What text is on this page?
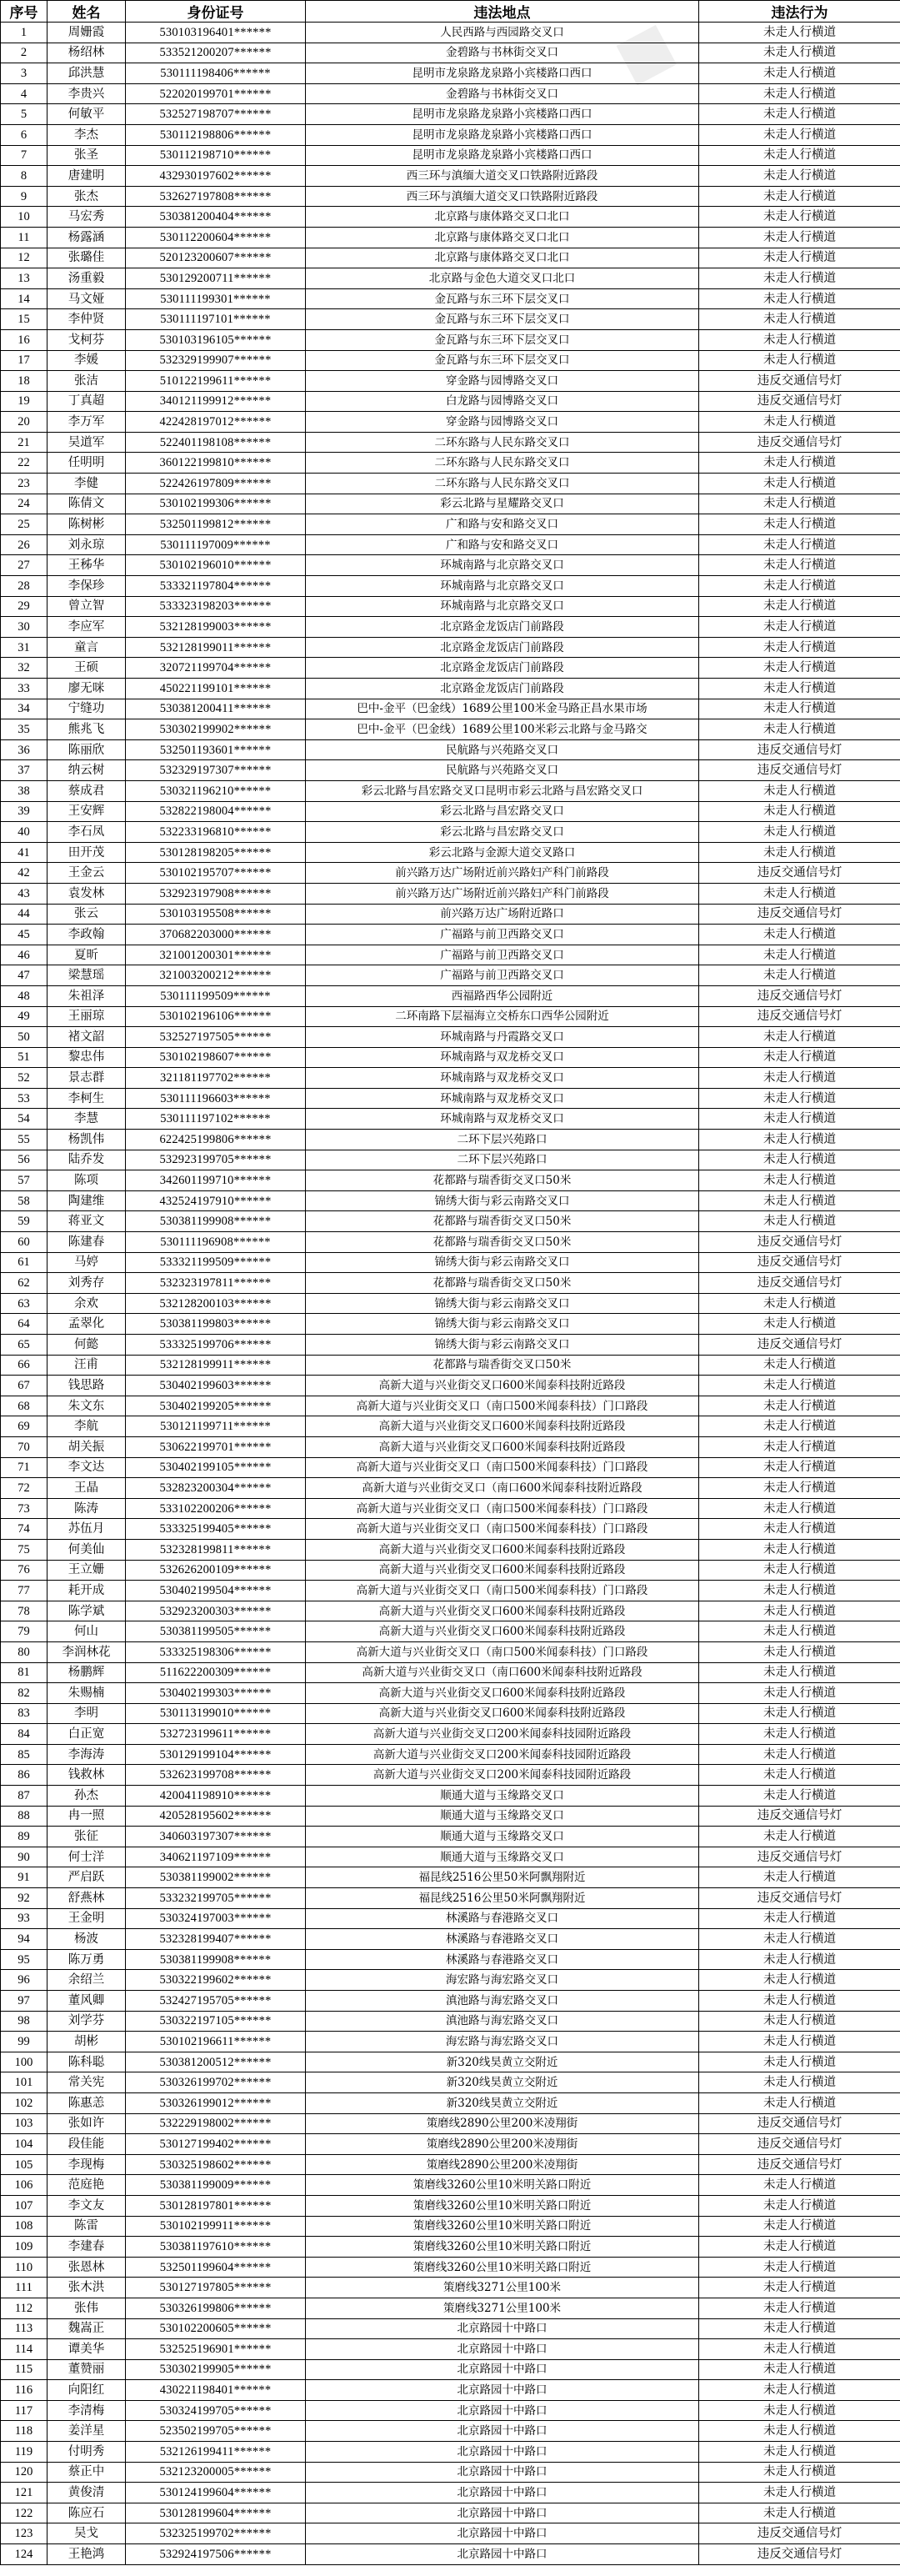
■
序号	姓名	身份证号	违法地点	违法行为
1	周姗霞	530103196401******	人民西路与西园路交叉口	未走人行横道
2	杨绍林	533521200207******	金碧路与书林街交叉口	未走人行横道
3	邱洪慧	530111198406******	昆明市龙泉路龙泉路小宾楼路口西口	未走人行横道
4	李贵兴	522020199701******	金碧路与书林街交叉口	未走人行横道
5	何敏平	532527198707******	昆明市龙泉路龙泉路小宾楼路口西口	未走人行横道
6	李杰	530112198806******	昆明市龙泉路龙泉路小宾楼路口西口	未走人行横道
7	张圣	530112198710******	昆明市龙泉路龙泉路小宾楼路口西口	未走人行横道
8	唐建明	432930197602******	西三环与滇缅大道交叉口铁路附近路段	未走人行横道
9	张杰	532627197808******	西三环与滇缅大道交叉口铁路附近路段	未走人行横道
10	马宏秀	530381200404******	北京路与康体路交叉口北口	未走人行横道
11	杨露涵	530112200604******	北京路与康体路交叉口北口	未走人行横道
12	张璐佳	520123200607******	北京路与康体路交叉口北口	未走人行横道
13	汤重毅	530129200711******	北京路与金色大道交叉口北口	未走人行横道
14	马文娅	530111199301******	金瓦路与东三环下层交叉口	未走人行横道
15	李仲贤	530111197101******	金瓦路与东三环下层交叉口	未走人行横道
16	戈柯芬	530103196105******	金瓦路与东三环下层交叉口	未走人行横道
17	李媛	532329199907******	金瓦路与东三环下层交叉口	未走人行横道
18	张洁	510122199611******	穿金路与园博路交叉口	违反交通信号灯
19	丁真超	340121199912******	白龙路与园博路交叉口	违反交通信号灯
20	李万军	422428197012******	穿金路与园博路交叉口	未走人行横道
21	吴道军	522401198108******	二环东路与人民东路交叉口	违反交通信号灯
22	任明明	360122199810******	二环东路与人民东路交叉口	未走人行横道
23	李健	522426197809******	二环东路与人民东路交叉口	未走人行横道
24	陈倩文	530102199306******	彩云北路与星耀路交叉口	未走人行横道
25	陈树彬	532501199812******	广和路与安和路交叉口	未走人行横道
26	刘永琼	530111197009******	广和路与安和路交叉口	未走人行横道
27	王秭华	530102196010******	环城南路与北京路交叉口	未走人行横道
28	李保珍	533321197804******	环城南路与北京路交叉口	未走人行横道
29	曾立智	533323198203******	环城南路与北京路交叉口	未走人行横道
30	李应军	532128199003******	北京路金龙饭店门前路段	未走人行横道
31	童言	532128199011******	北京路金龙饭店门前路段	未走人行横道
32	王硕	320721199704******	北京路金龙饭店门前路段	未走人行横道
33	廖无咪	450221199101******	北京路金龙饭店门前路段	未走人行横道
34	宁缝功	530381200411******	巴中-金平（巴金线）1689公里100米金马路正昌水果市场	未走人行横道
35	熊兆飞	530302199902******	巴中-金平（巴金线）1689公里100米彩云北路与金马路交	未走人行横道
36	陈丽欣	532501193601******	民航路与兴苑路交叉口	违反交通信号灯
37	纳云树	532329197307******	民航路与兴苑路交叉口	违反交通信号灯
38	蔡成君	530321196210******	彩云北路与昌宏路交叉口昆明市彩云北路与昌宏路交叉口	未走人行横道
39	王安辉	532822198004******	彩云北路与昌宏路交叉口	未走人行横道
40	李石凤	532233196810******	彩云北路与昌宏路交叉口	未走人行横道
41	田开茂	530128198205******	彩云北路与金源大道交叉路口	未走人行横道
42	王金云	530102195707******	前兴路万达广场附近前兴路妇产科门前路段	违反交通信号灯
43	袁发林	532923197908******	前兴路万达广场附近前兴路妇产科门前路段	未走人行横道
44	张云	530103195508******	前兴路万达广场附近路口	违反交通信号灯
45	李政翰	370682203000******	广福路与前卫西路交叉口	未走人行横道
46	夏昕	321001200301******	广福路与前卫西路交叉口	未走人行横道
47	梁慧瑶	321003200212******	广福路与前卫西路交叉口	未走人行横道
48	朱祖泽	530111199509******	西福路西华公园附近	违反交通信号灯
49	王丽琼	530102196106******	二环南路下层福海立交桥东口西华公园附近	违反交通信号灯
50	褚文韶	532527197505******	环城南路与丹霞路交叉口	未走人行横道
51	黎忠伟	530102198607******	环城南路与双龙桥交叉口	未走人行横道
52	景志群	321181197702******	环城南路与双龙桥交叉口	未走人行横道
53	李柯生	530111196603******	环城南路与双龙桥交叉口	未走人行横道
54	李慧	530111197102******	环城南路与双龙桥交叉口	未走人行横道
55	杨凯伟	622425199806******	二环下层兴苑路口	未走人行横道
56	陆乔发	532923199705******	二环下层兴苑路口	未走人行横道
57	陈项	342601199710******	花都路与瑞香街交叉口50米	未走人行横道
58	陶建维	432524197910******	锦绣大街与彩云南路交叉口	未走人行横道
59	蒋亚文	530381199908******	花都路与瑞香街交叉口50米	未走人行横道
60	陈建春	530111196908******	花都路与瑞香街交叉口50米	违反交通信号灯
61	马婷	533321199509******	锦绣大街与彩云南路交叉口	违反交通信号灯
62	刘秀存	532323197811******	花都路与瑞香街交叉口50米	违反交通信号灯
63	余欢	532128200103******	锦绣大街与彩云南路交叉口	未走人行横道
64	孟翠化	530381199803******	锦绣大街与彩云南路交叉口	未走人行横道
65	何懿	533325199706******	锦绣大街与彩云南路交叉口	违反交通信号灯
66	汪甫	532128199911******	花都路与瑞香街交叉口50米	未走人行横道
67	钱思路	530402199603******	高新大道与兴业街交叉口600米闻泰科技附近路段	未走人行横道
68	朱文东	530402199205******	高新大道与兴业街交叉口（南口500米闻泰科技）门口路段	未走人行横道
69	李航	530121199711******	高新大道与兴业街交叉口600米闻泰科技附近路段	未走人行横道
70	胡关振	530622199701******	高新大道与兴业街交叉口600米闻泰科技附近路段	未走人行横道
71	李文达	530402199105******	高新大道与兴业街交叉口（南口500米闻泰科技）门口路段	未走人行横道
72	王晶	532823200304******	高新大道与兴业街交叉口（南口600米闻泰科技附近路段	未走人行横道
73	陈涛	533102200206******	高新大道与兴业街交叉口（南口500米闻泰科技）门口路段	未走人行横道
74	苏伍月	533325199405******	高新大道与兴业街交叉口（南口500米闻泰科技）门口路段	未走人行横道
75	何美仙	532328199811******	高新大道与兴业街交叉口600米闻泰科技附近路段	未走人行横道
76	王立姗	532626200109******	高新大道与兴业街交叉口600米闻泰科技附近路段	未走人行横道
77	耗开成	530402199504******	高新大道与兴业街交叉口（南口500米闻泰科技）门口路段	未走人行横道
78	陈学斌	532923200303******	高新大道与兴业街交叉口600米闻泰科技附近路段	未走人行横道
79	何山	530381199505******	高新大道与兴业街交叉口600米闻泰科技附近路段	未走人行横道
80	李润林花	533325198306******	高新大道与兴业街交叉口（南口500米闻泰科技）门口路段	未走人行横道
81	杨鹏辉	511622200309******	高新大道与兴业街交叉口（南口600米闻泰科技附近路段	未走人行横道
82	朱赐楠	530402199303******	高新大道与兴业街交叉口600米闻泰科技附近路段	未走人行横道
83	李明	530113199010******	高新大道与兴业街交叉口600米闻泰科技附近路段	未走人行横道
84	白正宽	532723199611******	高新大道与兴业街交叉口200米闻泰科技园附近路段	未走人行横道
85	李海涛	530129199104******	高新大道与兴业街交叉口200米闻泰科技园附近路段	未走人行横道
86	钱救林	532623199708******	高新大道与兴业街交叉口200米闻泰科技园附近路段	未走人行横道
87	孙杰	420041198910******	顺通大道与玉缘路交叉口	未走人行横道
88	冉一照	420528195602******	顺通大道与玉缘路交叉口	违反交通信号灯
89	张征	340603197307******	顺通大道与玉缘路交叉口	未走人行横道
90	何士洋	340621197109******	顺通大道与玉缘路交叉口	违反交通信号灯
91	严启跃	530381199002******	福昆线2516公里50米阿飘翔附近	未走人行横道
92	舒燕林	533232199705******	福昆线2516公里50米阿飘翔附近	违反交通信号灯
93	王金明	530324197003******	林溪路与春港路交叉口	未走人行横道
94	杨波	532328199407******	林溪路与春港路交叉口	未走人行横道
95	陈万勇	530381199908******	林溪路与春港路交叉口	未走人行横道
96	余绍兰	530322199602******	海宏路与海宏路交叉口	未走人行横道
97	董风卿	532427195705******	滇池路与海宏路交叉口	未走人行横道
98	刘学芬	530322197105******	滇池路与海宏路交叉口	未走人行横道
99	胡彬	530102196611******	海宏路与海宏路交叉口	未走人行横道
100	陈科聪	530381200512******	新320线昊黄立交附近	未走人行横道
101	常关宪	530326199702******	新320线昊黄立交附近	未走人行横道
102	陈惠恙	530326199012******	新320线昊黄立交附近	未走人行横道
103	张如许	532229198002******	策磨线2890公里200米凌翔街	违反交通信号灯
104	段佳能	530127199402******	策磨线2890公里200米凌翔街	违反交通信号灯
105	李现梅	530325198602******	策磨线2890公里200米凌翔街	违反交通信号灯
106	范庭艳	530381199009******	策磨线3260公里10米明关路口附近	未走人行横道
107	李文友	530128197801******	策磨线3260公里10米明关路口附近	未走人行横道
108	陈雷	530102199911******	策磨线3260公里10米明关路口附近	未走人行横道
109	李建春	530381197610******	策磨线3260公里10米明关路口附近	未走人行横道
110	张恩林	532501199604******	策磨线3260公里10米明关路口附近	未走人行横道
111	张木洪	530127197805******	策磨线3271公里100米	未走人行横道
112	张伟	530326199806******	策磨线3271公里100米	未走人行横道
113	魏嵩正	530102200605******	北京路园十中路口	未走人行横道
114	谭美华	532525196901******	北京路园十中路口	未走人行横道
115	董赞丽	530302199905******	北京路园十中路口	未走人行横道
116	向阳红	430221198401******	北京路园十中路口	未走人行横道
117	李清梅	530324199705******	北京路园十中路口	未走人行横道
118	姜洋星	523502199705******	北京路园十中路口	未走人行横道
119	付明秀	532126199411******	北京路园十中路口	未走人行横道
120	蔡正中	532123200005******	北京路园十中路口	未走人行横道
121	黄俊清	530124199604******	北京路园十中路口	未走人行横道
122	陈应石	530128199604******	北京路园十中路口	未走人行横道
123	吴戈	532325199702******	北京路园十中路口	违反交通信号灯
124	王艳鸿	532924197506******	北京路园十中路口	违反交通信号灯
